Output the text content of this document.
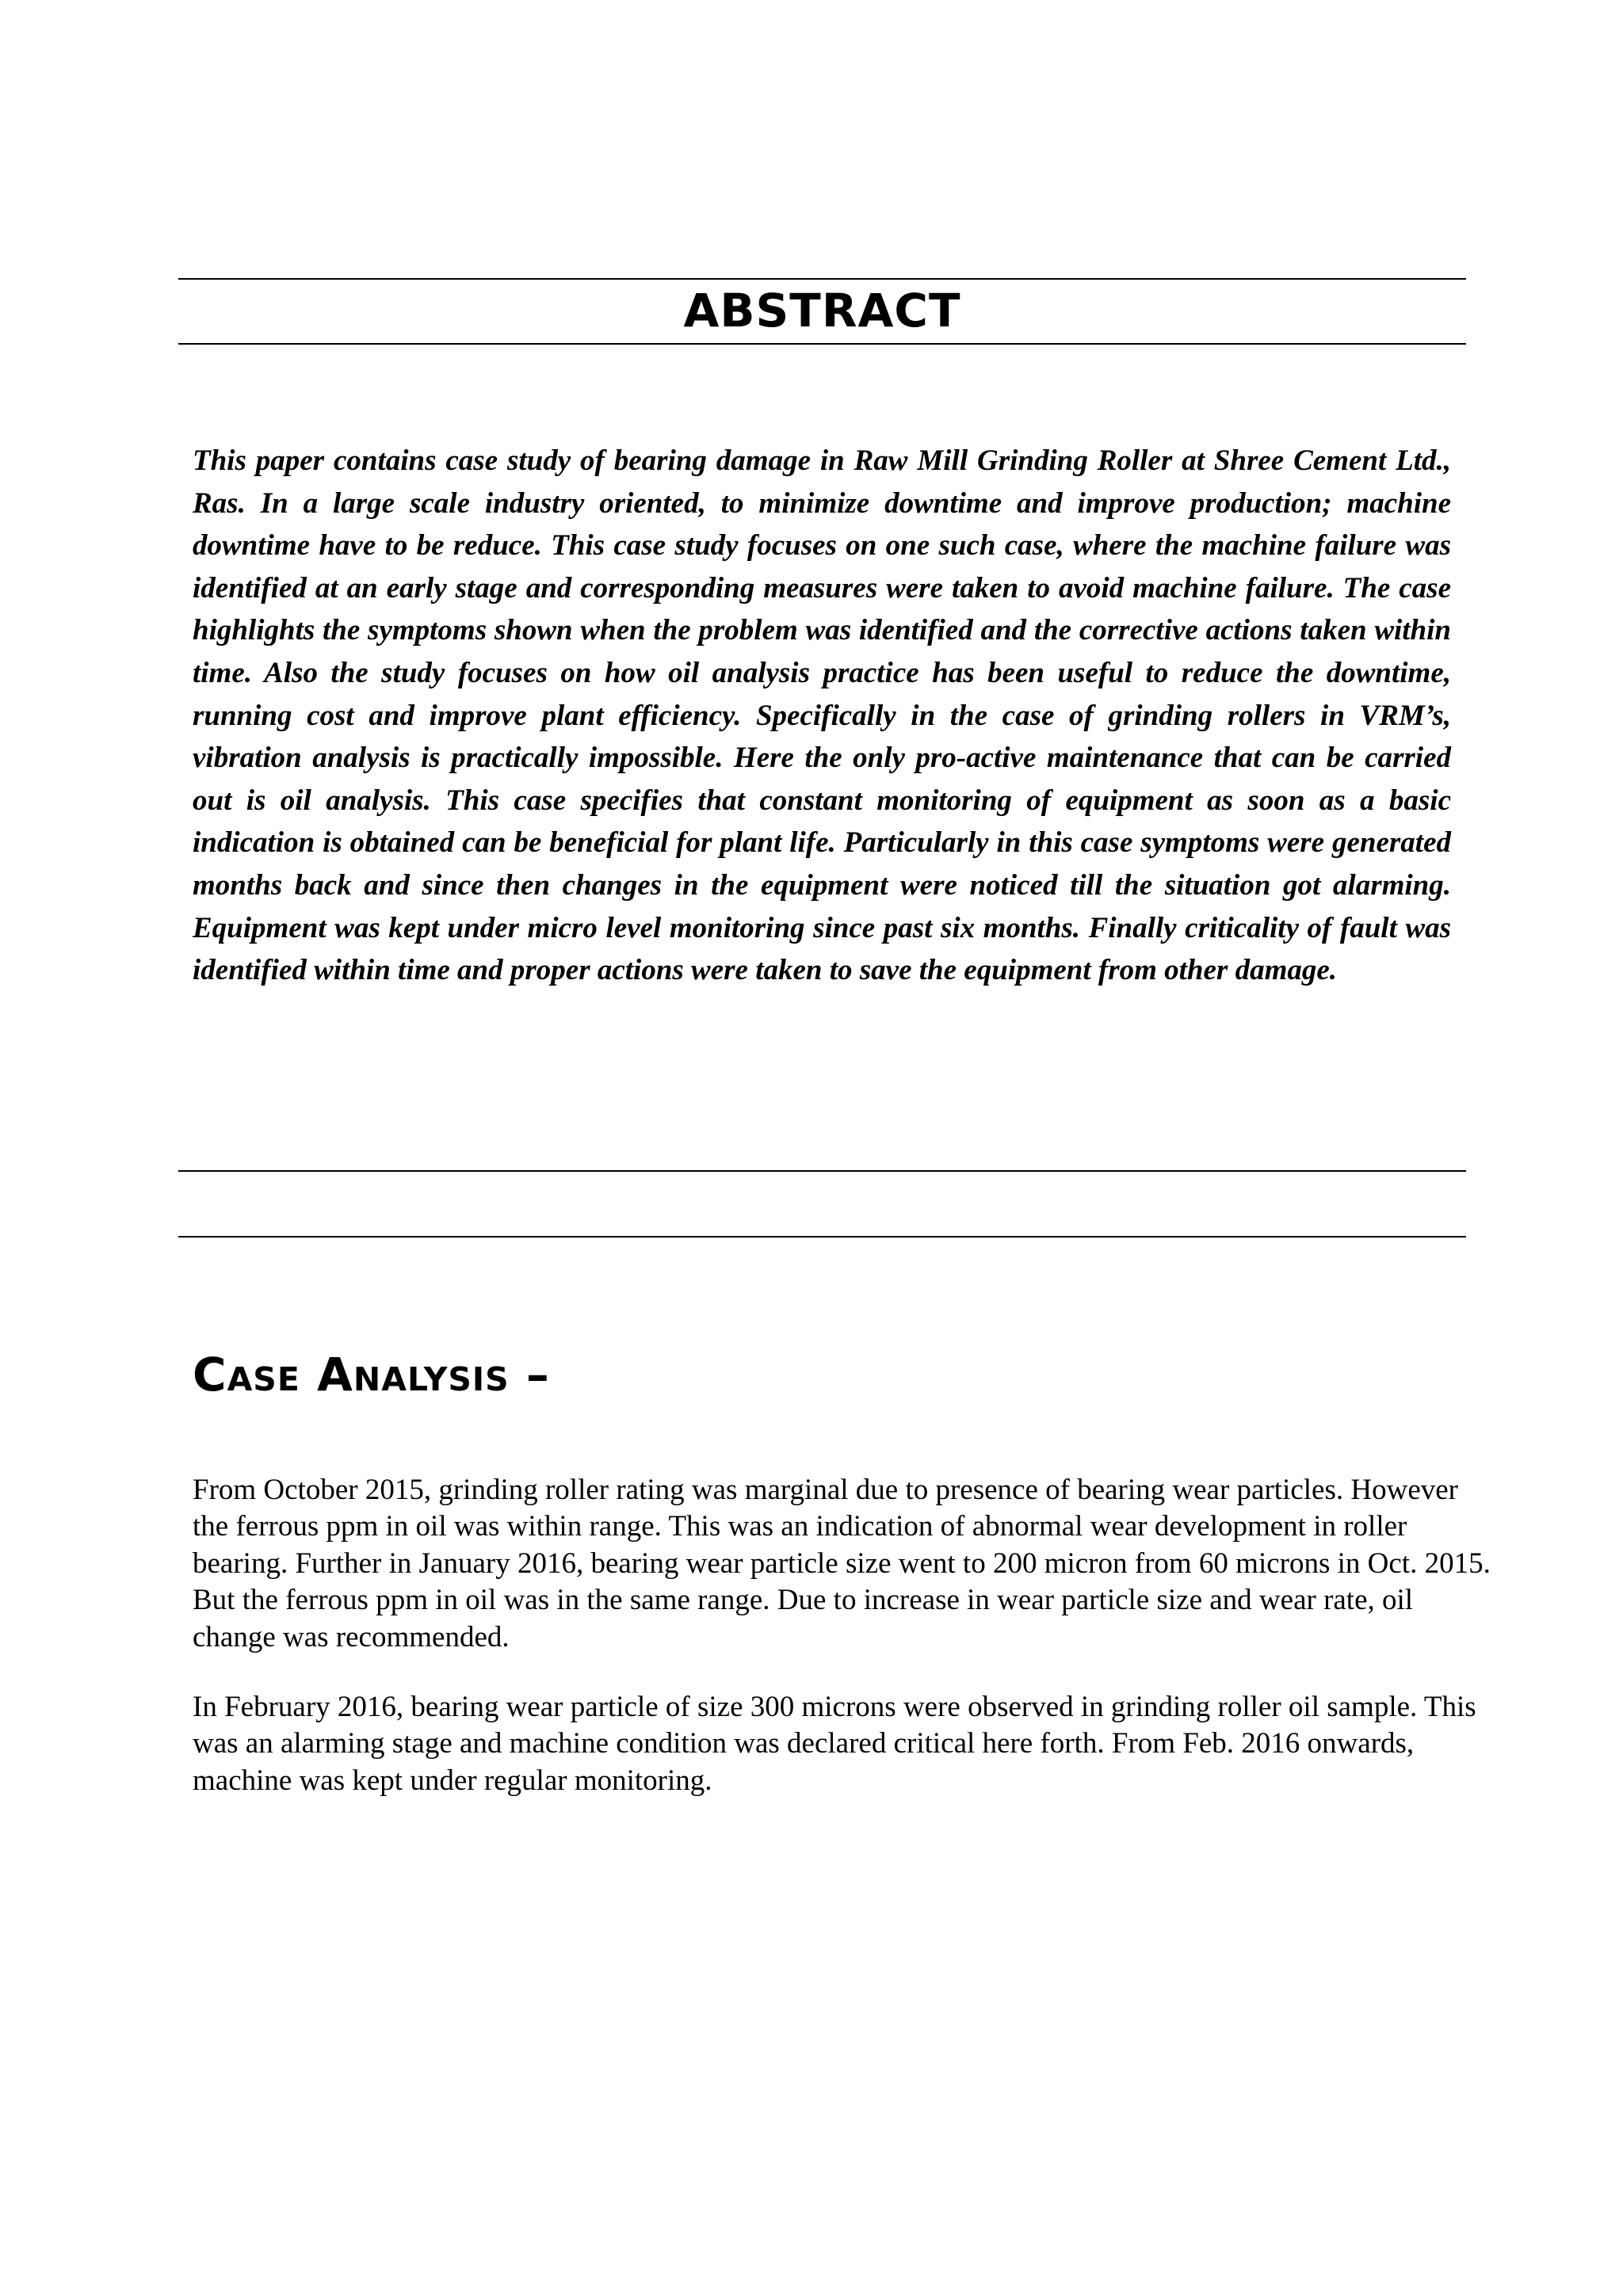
ABSTRACT

This paper contains case study of bearing damage in Raw Mill Grinding Roller at Shree Cement Ltd., Ras. In a large scale industry oriented, to minimize downtime and improve production; machine downtime have to be reduce. This case study focuses on one such case, where the machine failure was identified at an early stage and corresponding measures were taken to avoid machine failure. The case highlights the symptoms shown when the problem was identified and the corrective actions taken within time. Also the study focuses on how oil analysis practice has been useful to reduce the downtime, running cost and improve plant efficiency. Specifically in the case of grinding rollers in VRM’s, vibration analysis is practically impossible. Here the only pro-active maintenance that can be carried out is oil analysis. This case specifies that constant monitoring of equipment as soon as a basic indication is obtained can be beneficial for plant life. Particularly in this case symptoms were generated months back and since then changes in the equipment were noticed till the situation got alarming. Equipment was kept under micro level monitoring since past six months. Finally criticality of fault was identified within time and proper actions were taken to save the equipment from other damage.

Case Analysis –

From October 2015, grinding roller rating was marginal due to presence of bearing wear particles. However the ferrous ppm in oil was within range. This was an indication of abnormal wear development in roller bearing. Further in January 2016, bearing wear particle size went to 200 micron from 60 microns in Oct. 2015. But the ferrous ppm in oil was in the same range. Due to increase in wear particle size and wear rate, oil change was recommended.

In February 2016, bearing wear particle of size 300 microns were observed in grinding roller oil sample. This was an alarming stage and machine condition was declared critical here forth. From Feb. 2016 onwards, machine was kept under regular monitoring.
